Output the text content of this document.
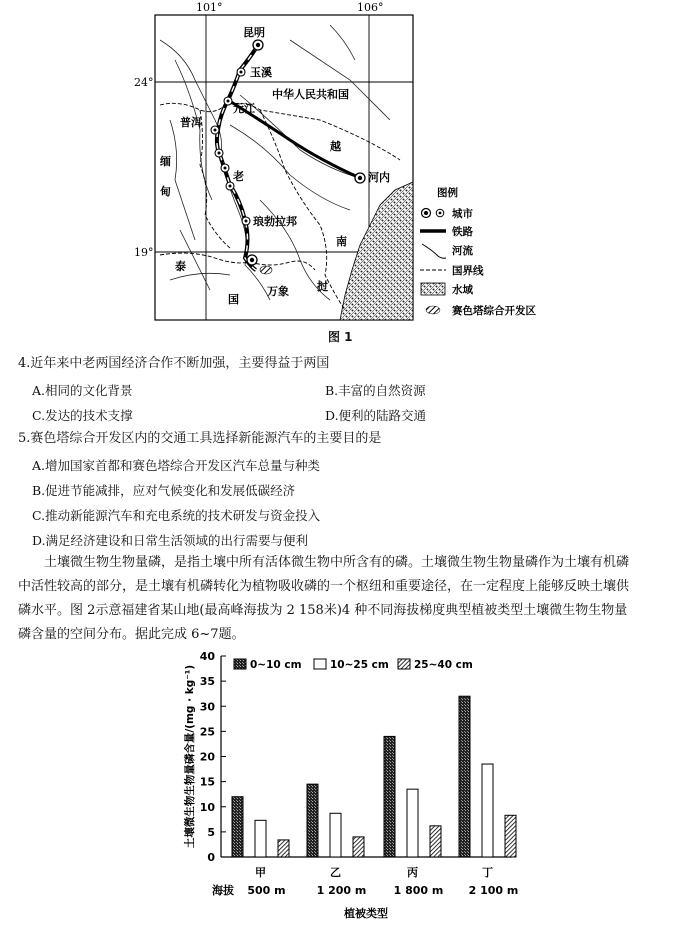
101°	106°
24°
19°
昆明
玉溪
元江
普洱
老
琅勃拉邦
万象
河内
中华人民共和国
越
南
缅
甸
泰
国
挝
图例
城市
铁路
河流
国界线
水域
赛色塔综合开发区
图 1
4.近年来中老两国经济合作不断加强，主要得益于两国
A.相同的文化背景	B.丰富的自然资源
C.发达的技术支撑	D.便利的陆路交通
5.赛色塔综合开发区内的交通工具选择新能源汽车的主要目的是
A.增加国家首都和赛色塔综合开发区汽车总量与种类
B.促进节能减排，应对气候变化和发展低碳经济
C.推动新能源汽车和充电系统的技术研发与资金投入
D.满足经济建设和日常生活领域的出行需要与便利
土壤微生物生物量磷，是指土壤中所有活体微生物中所含有的磷。土壤微生物生物量磷作为土壤有机磷
中活性较高的部分，是土壤有机磷转化为植物吸收磷的一个枢纽和重要途径，在一定程度上能够反映土壤供
磷水平。图 2示意福建省某山地(最高峰海拔为 2 158米)4 种不同海拔梯度典型植被类型土壤微生物生物量
磷含量的空间分布。据此完成 6~7题。
0
5
10
15
20
25
30
35
40
土壤微生物生物量磷含量/(mg · kg⁻¹)
甲
500 m
乙
1 200 m
丙
1 800 m
丁
2 100 m
海拔
植被类型
0~10 cm	10~25 cm 25~40 cm
